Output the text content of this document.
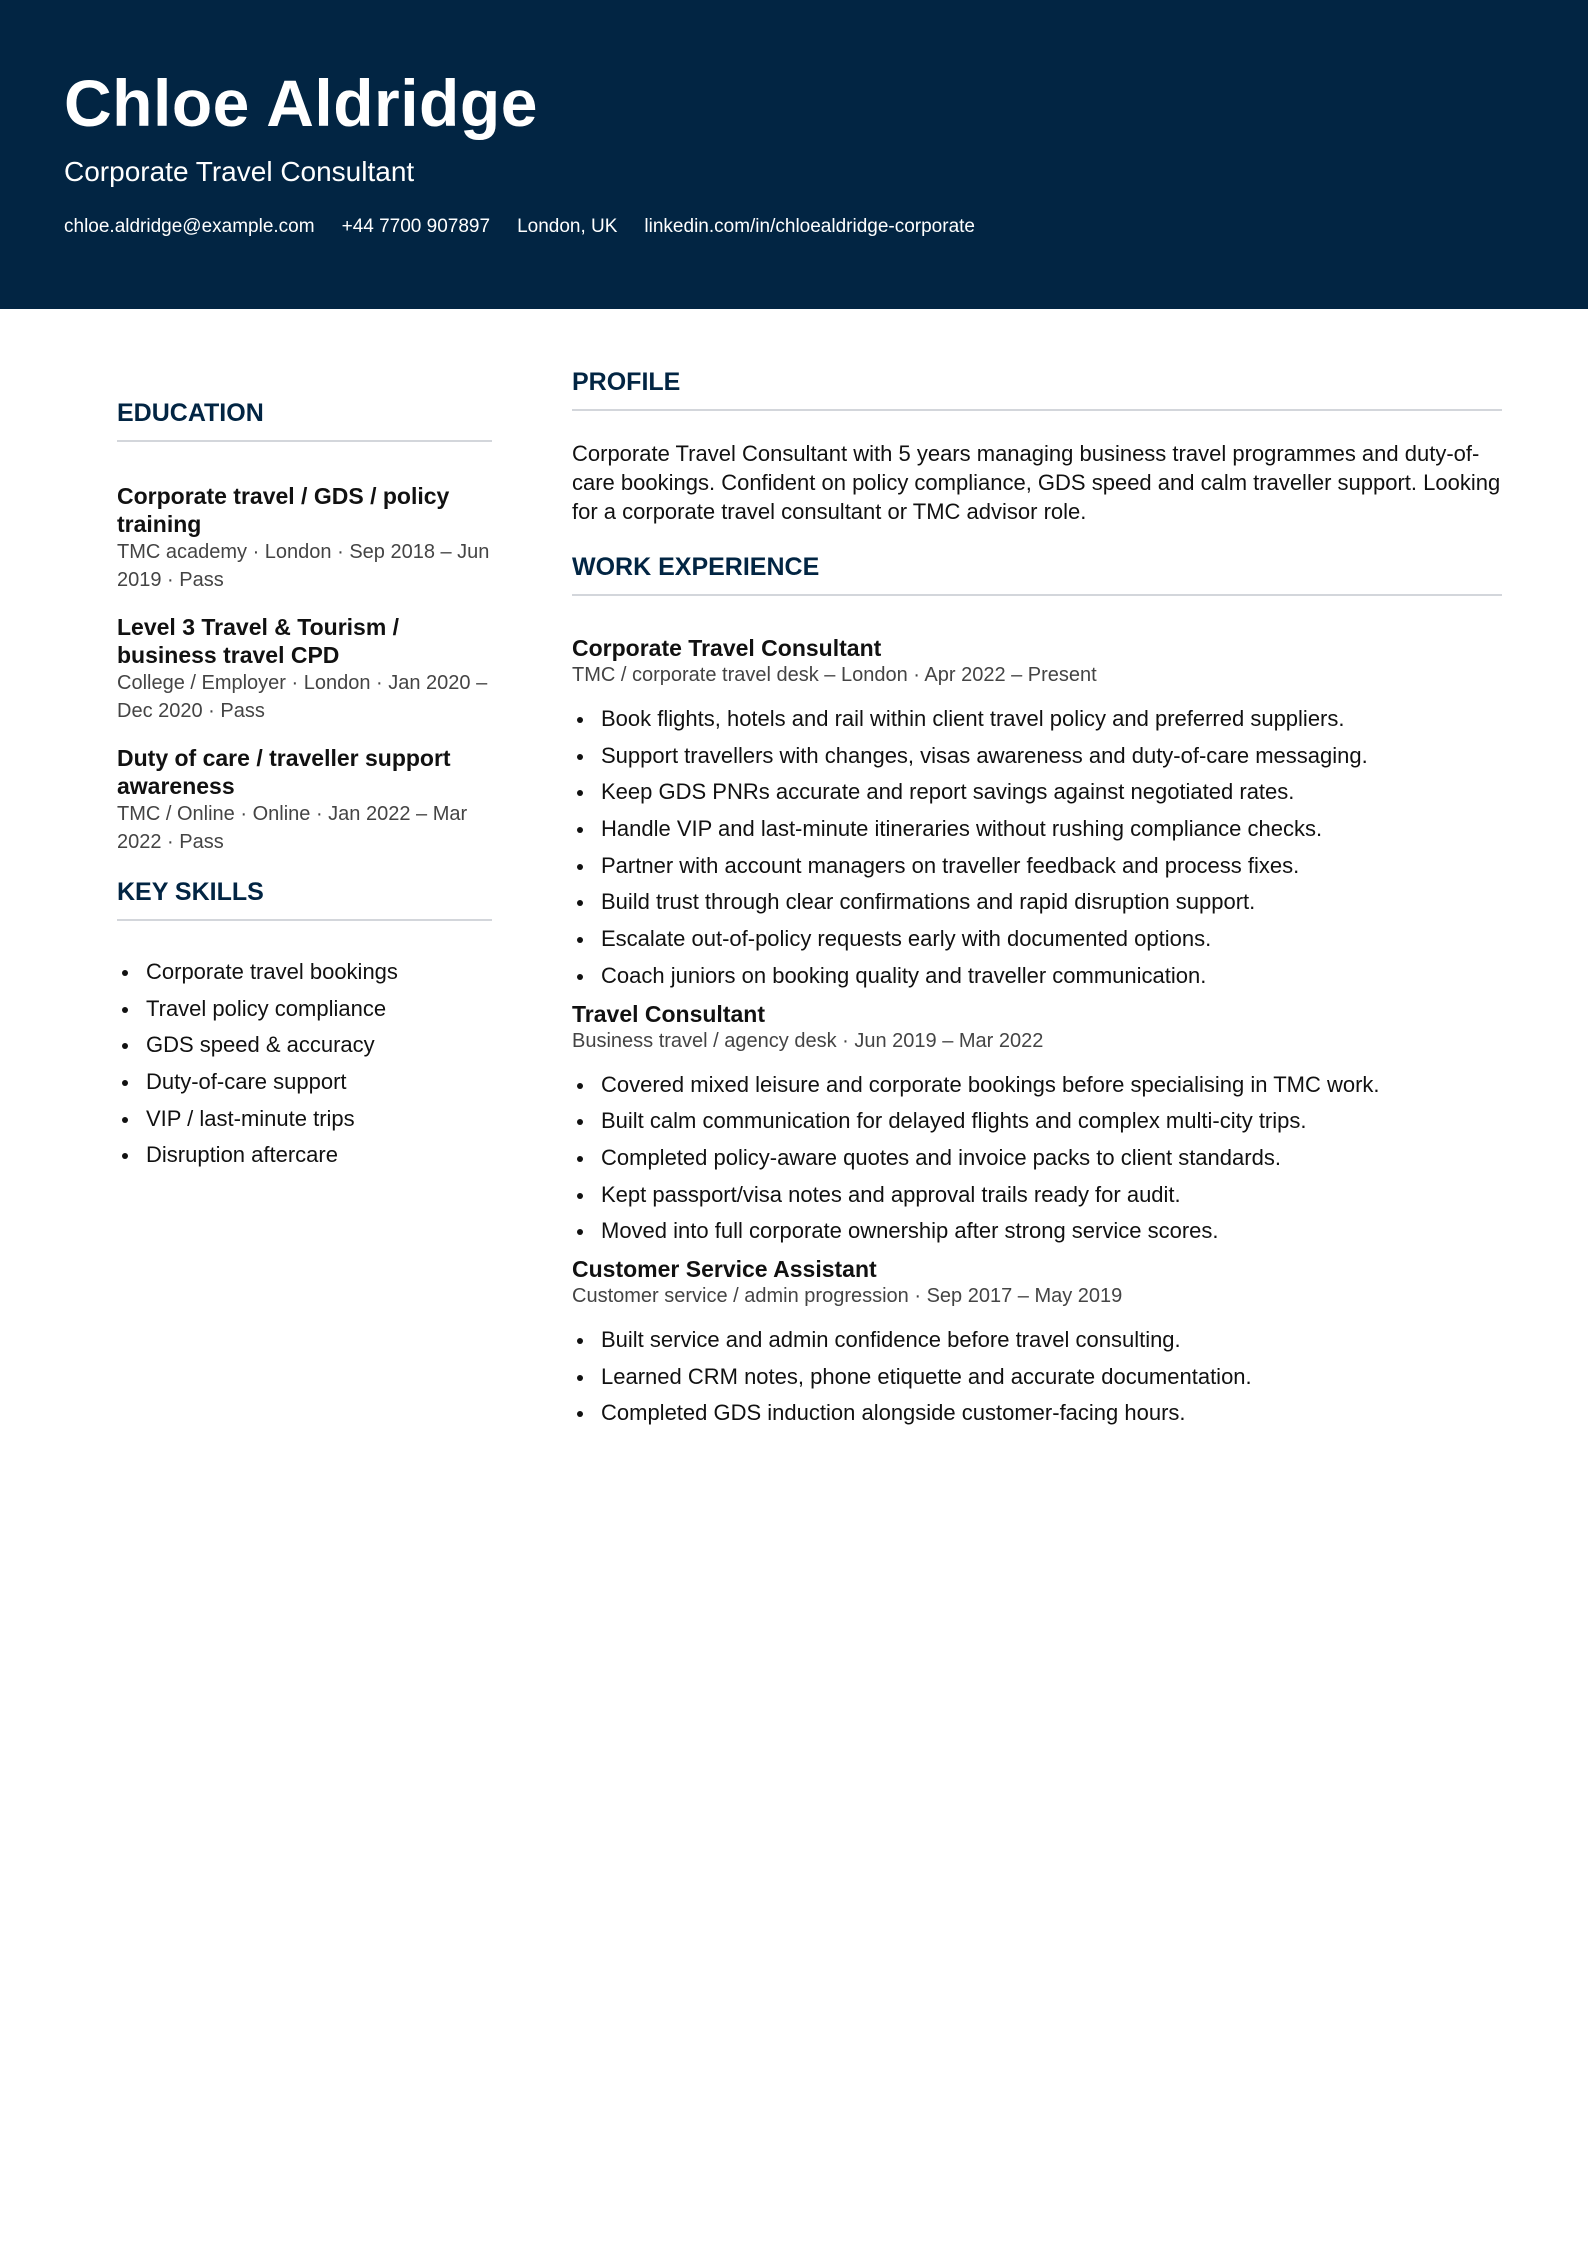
Chloe Aldridge
Corporate Travel Consultant
chloe.aldridge@example.com +44 7700 907897 London, UK linkedin.com/in/chloealdridge-corporate
EDUCATION
Corporate travel / GDS / policy training
TMC academy · London · Sep 2018 – Jun 2019 · Pass
Level 3 Travel & Tourism / business travel CPD
College / Employer · London · Jan 2020 – Dec 2020 · Pass
Duty of care / traveller support awareness
TMC / Online · Online · Jan 2022 – Mar 2022 · Pass
KEY SKILLS
Corporate travel bookings
Travel policy compliance
GDS speed & accuracy
Duty-of-care support
VIP / last-minute trips
Disruption aftercare
PROFILE

Corporate Travel Consultant with 5 years managing business travel programmes and duty-of-care bookings. Confident on policy compliance, GDS speed and calm traveller support. Looking for a corporate travel consultant or TMC advisor role.

WORK EXPERIENCE
Corporate Travel Consultant
TMC / corporate travel desk – London · Apr 2022 – Present
Book flights, hotels and rail within client travel policy and preferred suppliers.
Support travellers with changes, visas awareness and duty-of-care messaging.
Keep GDS PNRs accurate and report savings against negotiated rates.
Handle VIP and last-minute itineraries without rushing compliance checks.
Partner with account managers on traveller feedback and process fixes.
Build trust through clear confirmations and rapid disruption support.
Escalate out-of-policy requests early with documented options.
Coach juniors on booking quality and traveller communication.
Travel Consultant
Business travel / agency desk · Jun 2019 – Mar 2022
Covered mixed leisure and corporate bookings before specialising in TMC work.
Built calm communication for delayed flights and complex multi-city trips.
Completed policy-aware quotes and invoice packs to client standards.
Kept passport/visa notes and approval trails ready for audit.
Moved into full corporate ownership after strong service scores.
Customer Service Assistant
Customer service / admin progression · Sep 2017 – May 2019
Built service and admin confidence before travel consulting.
Learned CRM notes, phone etiquette and accurate documentation.
Completed GDS induction alongside customer-facing hours.
